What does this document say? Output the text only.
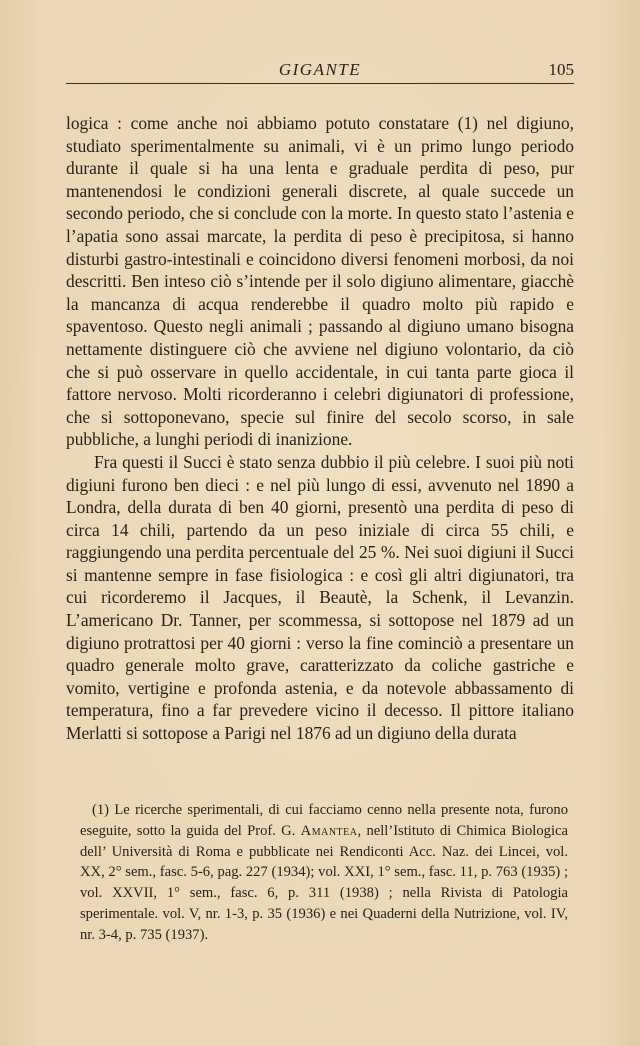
GIGANTE	105

logica : come anche noi abbiamo potuto constatare (1) nel digiuno, studiato sperimentalmente su animali, vi è un primo lungo periodo durante il quale si ha una lenta e graduale perdita di peso, pur mantenendosi le condizioni generali discrete, al quale succede un secondo periodo, che si conclude con la morte. In questo stato l’astenia e l’apatia sono assai marcate, la perdita di peso è precipitosa, si hanno disturbi gastro-intestinali e coincidono diversi fenomeni morbosi, da noi descritti. Ben inteso ciò s’intende per il solo digiuno alimentare, giacchè la mancanza di acqua renderebbe il quadro molto più rapido e spaventoso. Questo negli animali ; passando al digiuno umano bisogna nettamente distinguere ciò che avviene nel digiuno volontario, da ciò che si può osservare in quello accidentale, in cui tanta parte gioca il fattore nervoso. Molti ricorderanno i celebri digiunatori di professione, che si sottoponevano, specie sul finire del secolo scorso, in sale pubbliche, a lunghi periodi di inanizione.

Fra questi il Succi è stato senza dubbio il più celebre. I suoi più noti digiuni furono ben dieci : e nel più lungo di essi, avvenuto nel 1890 a Londra, della durata di ben 40 giorni, presentò una perdita di peso di circa 14 chili, partendo da un peso iniziale di circa 55 chili, e raggiungendo una perdita percentuale del 25 %. Nei suoi digiuni il Succi si mantenne sempre in fase fisiologica : e così gli altri digiunatori, tra cui ricorderemo il Jacques, il Beautè, la Schenk, il Levanzin. L’americano Dr. Tanner, per scommessa, si sottopose nel 1879 ad un digiuno protrattosi per 40 giorni : verso la fine cominciò a presentare un quadro generale molto grave, caratterizzato da coliche gastriche e vomito, vertigine e profonda astenia, e da notevole abbassamento di temperatura, fino a far prevedere vicino il decesso. Il pittore italiano Merlatti si sottopose a Parigi nel 1876 ad un digiuno della durata

(1) Le ricerche sperimentali, di cui facciamo cenno nella presente nota, furono eseguite, sotto la guida del Prof. G. Amantea, nell’Istituto di Chimica Biologica dell’ Università di Roma e pubblicate nei Rendiconti Acc. Naz. dei Lincei, vol. XX, 2° sem., fasc. 5-6, pag. 227 (1934); vol. XXI, 1° sem., fasc. 11, p. 763 (1935) ; vol. XXVII, 1° sem., fasc. 6, p. 311 (1938) ; nella Rivista di Patologia sperimentale. vol. V, nr. 1-3, p. 35 (1936) e nei Quaderni della Nutrizione, vol. IV, nr. 3-4, p. 735 (1937).
